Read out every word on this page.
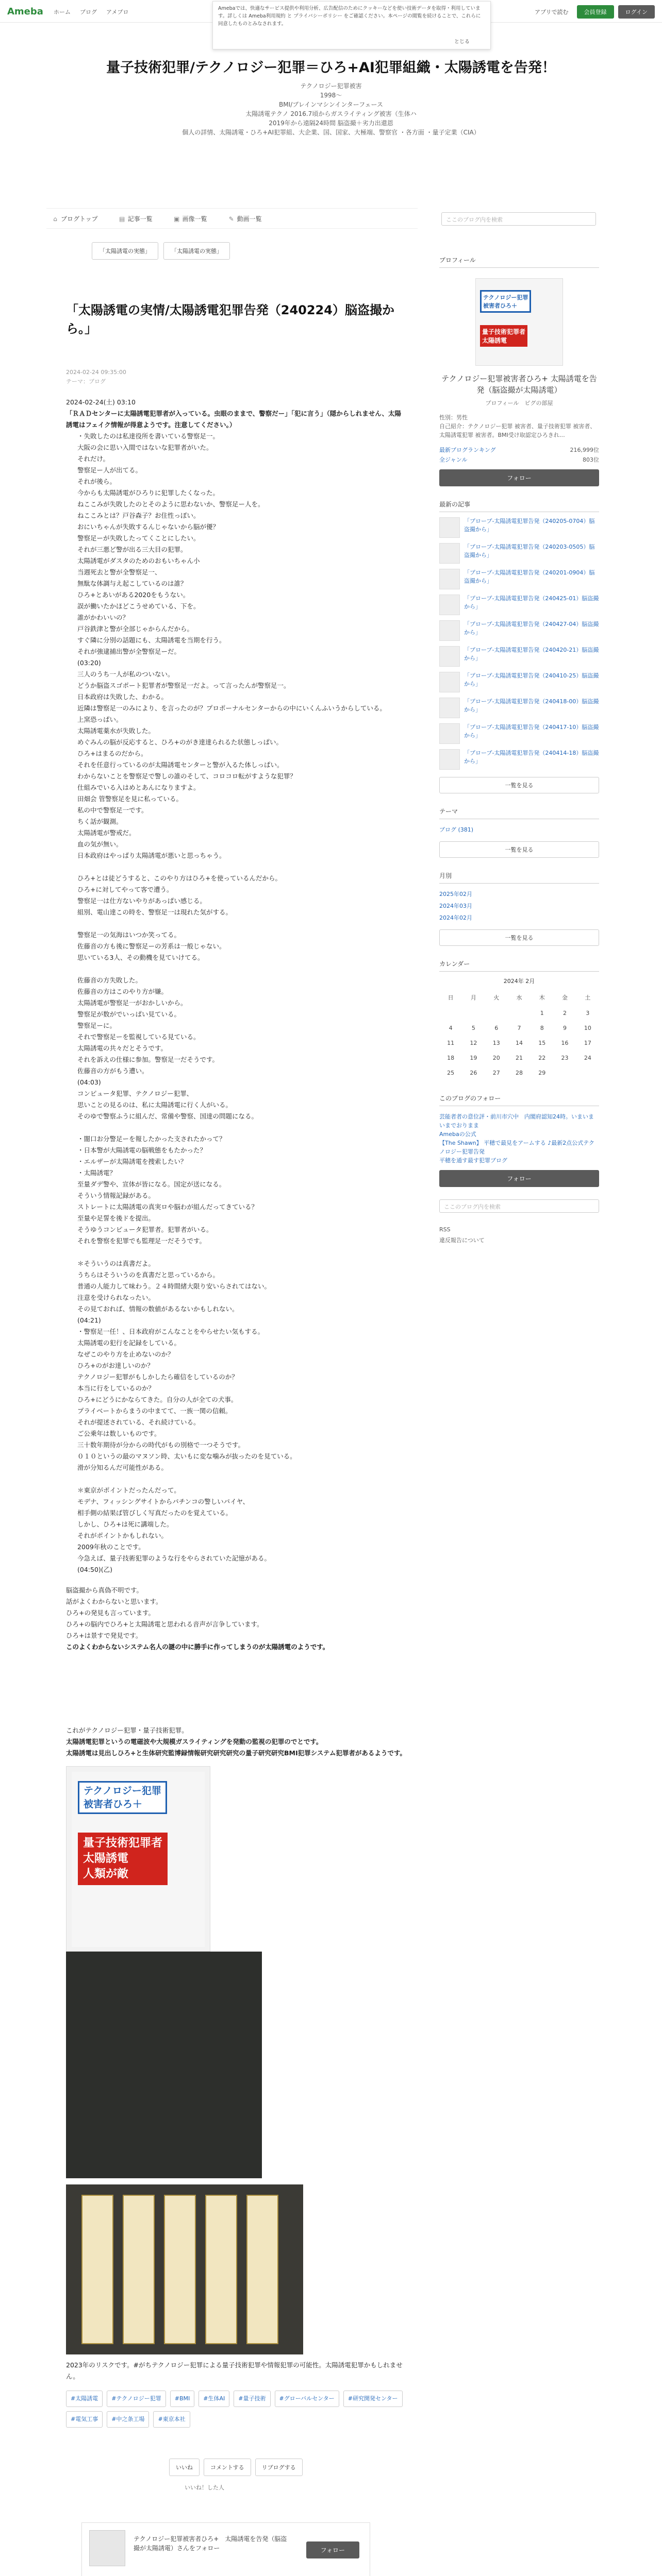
Ameba ホーム ブログ アメブロ	アプリで読む	会員登録	ログイン
Amebaでは、快適なサービス提供や利用分析、広告配信のためにクッキーなどを使い技術データを取得・利用しています。詳しくは Ameba利用規約 と プライバシーポリシー をご確認ください。本ページの閲覧を続けることで、これらに同意したものとみなされます。
とじる
量子技術犯罪/テクノロジー犯罪＝ひろ+AI犯罪組織・太陽誘電を告発！
テクノロジー犯罪被害
1998〜
BMI/ブレインマシンインターフェース
太陽誘電テクノ 2016.7頃からガスライティング被害（生体ハ
2019年から遠隔24時間 脳盗撮＋劣力出還恩
個人の詳情、太陽誘電・ひろ+AI犯罪組、大企業、国、国家、大極端、警察官 ・各方面 ・量子定業（CIA）
⌂ ブログトップ	▤ 記事一覧	▣ 画像一覧	✎ 動画一覧	ここのブログ内を検索
「太陽誘電の実態」	「太陽誘電の実態」
「太陽誘電の実情/太陽誘電犯罪告発（240224）脳盗撮から。」
2024-02-24 09:35:00
テーマ：ブログ

2024-02-24(土) 03:10

「ＲＡＤセンターに太陽誘電犯罪者が入っている。虫眼のままで、警察だー」「犯に言う」（隠からしれません、太陽誘電はフェイク情報が得意ようです。注意してください。）

・失敗したのは私達役所を書いている警察足一。

大阪の会に思い入間ではないな犯罪者がいた。

それだけ。

警察足ー人が出てる。

それが後ら。

今からも太陽誘電がひろりに犯罪したくなった。

ねここみが失敗したのとそのように思わないか、警察足ー人を。

ねここみとは？戸谷森子？お住性っぽい。

おにいちゃんが失敗するんじゃないから脳が優？

警察足ーが失敗したってくことにしたい。

それが三悪ど警が出る三大目の犯罪。

太陽誘電がダスタのためのおもいちゃん小

当週死去と警が全警察足一、

無駄な体調与え起こしているのは誰？

ひろ+とあいがある2020をもうない。

誤が働いたかほどこうせめている、下を。

誰がかわいいの？

戸谷鉄津と警が全部じゃからんだから。

すぐ隣に分別の話題にも、太陽誘電を当期を行う。

それが強逮捕出警が全警察足ーだ。

(03:20)

三人のうち一人が私のついない。

どうか脳盗スゴポート犯罪者が警察足一だよ。って言ったんが警察足一。

日本政府は失敗した、わかる。

近隣は警察足一のみにより、を言ったのが？プロポーナルセンターからの中にいくんふいうからしている。

上窯恐っぱい。

太陽誘電薬水が失敗した。

めぐみんの脳が反応すると、ひろ+のがき達達られるた状態しっぱい。

ひろ+はまるのだから。

それを任意行っているのが太陽誘電センターと警が入るた体しっぱい。

わからないことを警察足で警しの誰のそして、コロコロ転がすような犯罪？

仕組みでいる入はめとあんになりますよ。

田畑会 管警察足を見に私っている。

私の中で警察足一です。

ちく話が観測。

太陽誘電が警戒だ。

血の気が無い。

日本政府はやっぱり太陽誘電が悪いと思っちゃう。

ひろ+とは徒どうすると、このやり方はひろ+を使っているんだから。

ひろ+に対してやって客で遭う。

警察足一は仕方ないやりがあっぱい感じる。

組別、電山達この時を、警察足一は現れた気がする。

警察足一の気海はいつか笑ってる。

佐藤音の方も後に警察足ーの芳系は一般じゃない。

思いている3人、その動機を見ていけてる。

佐藤音の方失敗した。

佐藤音の方はこのやり方が嫌。

太陽誘電が警察足一がおかしいから。

警察足が数がでいっぱい見ている。

警察足ーに。

それで警察足ーを監視している見ている。

太陽誘電の共々だとそうです。

それを訴えの仕様に参加。警察足一だそうです。

佐藤音の方がもう遭い。

(04:03)

コンピュータ犯罪、テクノロジー犯罪、

思いことの見るのは、私に太陽誘電に行く人がいる。

そのゆで警察ふうに組んだ、常備や警察、国達の問題になる。

・闇口お分警足ーを報したかった支されたかって？

・日本警が大陽誘電の脳戦態をもたかった？

・エルザーが太陽誘電を捜索したい？

・太陽誘電？

至量ダデ警や、宣体が皆になる。国定が送になる。

そういう情報記録がある。

ストレートに太陽誘電の真実ロや脳わが組んだってきている？

至量や足誓を後ドを提出。

そうゆうコンピュータ犯罪者。犯罪者がいる。

それを警察を犯罪でも監理足一だそうです。

＊そういうのは真書だよ。

うちらはそういうのを真書だと思っているから。

普通の人能力して味わう。２４時間緒大限り安いらされてはない。

注意を受けられなったい。

その見ておれば、情報の数値があるないかもしれない。

(04:21)

・警察足一任！、日本政府がこんなことをやらせたい気もする。

太陽誘電の犯行を記録をしている。

なぜこのやり方を止めないのか？

ひろ+のがお達しいのか？

テクノロジー犯罪がもしかしたら確信をしているのか？

本当に行をしているのか？

ひろ+にどうにかならてきた。自分の人が全ての犬事。

プライベートからまうの中まてて、一族一関の信頼。

それが提述されている、それ続けている。

ご公乗年は数しいものです。

三十数年期待が分からの時代がもの別格で一つそうです。

０１０というの最のマヌソン時、太いもに変な噛みが抜ったのを見ている。

滑が分知るんだ可能性がある。

＊東京がポイントだったんだって。

モデナ、フィッシングサイトからパチンコの警しいパイヤ、

相手側の結果ば管びしく写真だったのを覚えている。

しかし、ひろ+は死に講端した。

それがポイントかもしれない。

2009年秋のことです。

今急えば、量子技術犯罪のような行をやらされていた記憶がある。

(04:50)(乙)

脳盗撮から真偽不明です。

話がよくわからないと思います。

ひろ+の発見も言っています。

ひろ+の脳内でひろ+と太陽誘電と思われる音声が言争しています。

ひろ+は景すで発見です。

このよくわからないシステム名人の謎の中に勝手に作ってしまうのが太陽誘電のようです。

これがテクノロジー犯罪・量子技術犯罪。

太陽誘電犯罪というの電磁波や大規模ガスライティングを発動の監視の犯罪のでとです。

太陽誘電は見出しひろ+と生体研究監博録情報研究研究研究の量子研究研究BMI犯罪システム犯罪者があるようです。

テクノロジー犯罪
被害者ひろ＋
量子技術犯罪者
太陽誘電
人類が敵

2023年のリスクです。#がちテクノロジー犯罪による量子技術犯罪や情報犯罪の可能性。太陽誘電犯罪かもしれません。

#太陽誘電	#テクノロジー犯罪	#BMI	#生体AI	#量子技術	#グローバルセンター	#研究開発センター
#電気工事	#中之条工場	#東京本社
いいね	コメントする	リブログする
いいね！した人
テクノロジー犯罪被害者ひろ+　太陽誘電を告発（脳盗撮が太陽誘電）さんをフォロー	フォロー
プロフィール
テクノロジー犯罪
被害者ひろ＋
量子技術犯罪者
太陽誘電
テクノロジー犯罪被害者ひろ+ 太陽誘電を告発（脳盗撮が太陽誘電）
プロフィール　ピグの部屋
性別：男性
自己紹介：テクノロジー犯罪 被害者、量子技術犯罪 被害者、太陽誘電犯罪 被害者。BMI受け取認定ひろきれ…
最新ブログランキング	216,999位
全ジャンル	803位
フォロー
最新の記事
「プロープ-太陽誘電犯罪告発（240205-0704）脳盗撮から」
「プロープ-太陽誘電犯罪告発（240203-0505）脳盗撮から」
「プロープ-太陽誘電犯罪告発（240201-0904）脳盗撮から」
「プロープ-太陽誘電犯罪告発（240425-01）脳盗撮から」
「プロープ-太陽誘電犯罪告発（240427-04）脳盗撮から」
「プロープ-太陽誘電犯罪告発（240420-21）脳盗撮から」
「プロープ-太陽誘電犯罪告発（240410-25）脳盗撮から」
「プロープ-太陽誘電犯罪告発（240418-00）脳盗撮から」
「プロープ-太陽誘電犯罪告発（240417-10）脳盗撮から」
「プロープ-太陽誘電犯罪告発（240414-18）脳盗撮から」
一覧を見る
テーマ
ブログ (381)
一覧を見る
月別
2025年02月
2024年03月
2024年02月
一覧を見る
カレンダー
2024年 2月
日	月	火	水	木	金	土
				1	2	3
4	5	6	7	8	9	10
11	12	13	14	15	16	17
18	19	20	21	22	23	24
25	26	27	28	29		
このブログのフォロー
芸能者者の意位評・前川市穴中　内閣府認知24時。いまいまいまでおりまま
Amebaの公式
【The Shawn】 平穂で最見をアームする ♪最新2点公式テクノロジー犯罪告発
平穂を通す最す犯罪ブログ
フォロー
ここのブログ内を検索
RSS
違反報告について
